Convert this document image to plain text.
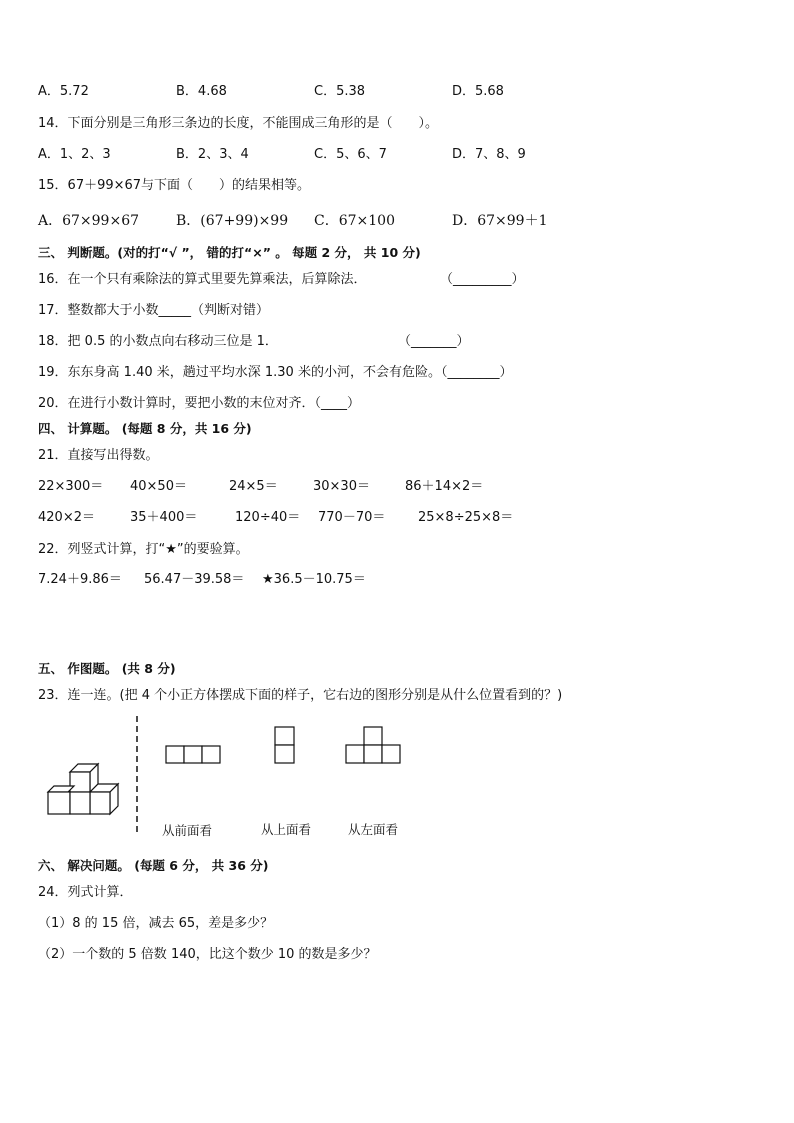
A．5.72	B．4.68	C．5.38	D．5.68
14．下面分别是三角形三条边的长度，不能围成三角形的是（　　）。
A．1、2、3	B．2、3、4	C．5、6、7	D．7、8、9
15．67＋99×67与下面（　　）的结果相等。
A．67×99×67	B．(67+99)×99 C．67×100	D．67×99＋1
三、 判断题。(对的打“√ ”， 错的打“×” 。 每题 2 分， 共 10 分)
16．在一个只有乘除法的算式里要先算乘法，后算除法．	（_________）
17．整数都大于小数_____（判断对错）
18．把 0.5 的小数点向右移动三位是 1．	（_______）
19．东东身高 1.40 米，趟过平均水深 1.30 米的小河，不会有危险。（________）
20．在进行小数计算时，要把小数的末位对齐．（____）
四、 计算题。 (每题 8 分，共 16 分)
21．直接写出得数。
22×300＝ 40×50＝	24×5＝	30×30＝	86＋14×2＝
420×2＝	35＋400＝	120÷40＝ 770－70＝	25×8÷25×8＝
22．列竖式计算，打“★”的要验算。
7.24＋9.86＝ 56.47－39.58＝ ★36.5－10.75＝
五、 作图题。 (共 8 分)
23．连一连。(把 4 个小正方体摆成下面的样子，它右边的图形分别是从什么位置看到的？)
从前面看	从上面看	从左面看
六、 解决问题。 (每题 6 分， 共 36 分)
24．列式计算．
（1）8 的 15 倍，减去 65，差是多少？
（2）一个数的 5 倍数 140，比这个数少 10 的数是多少？
